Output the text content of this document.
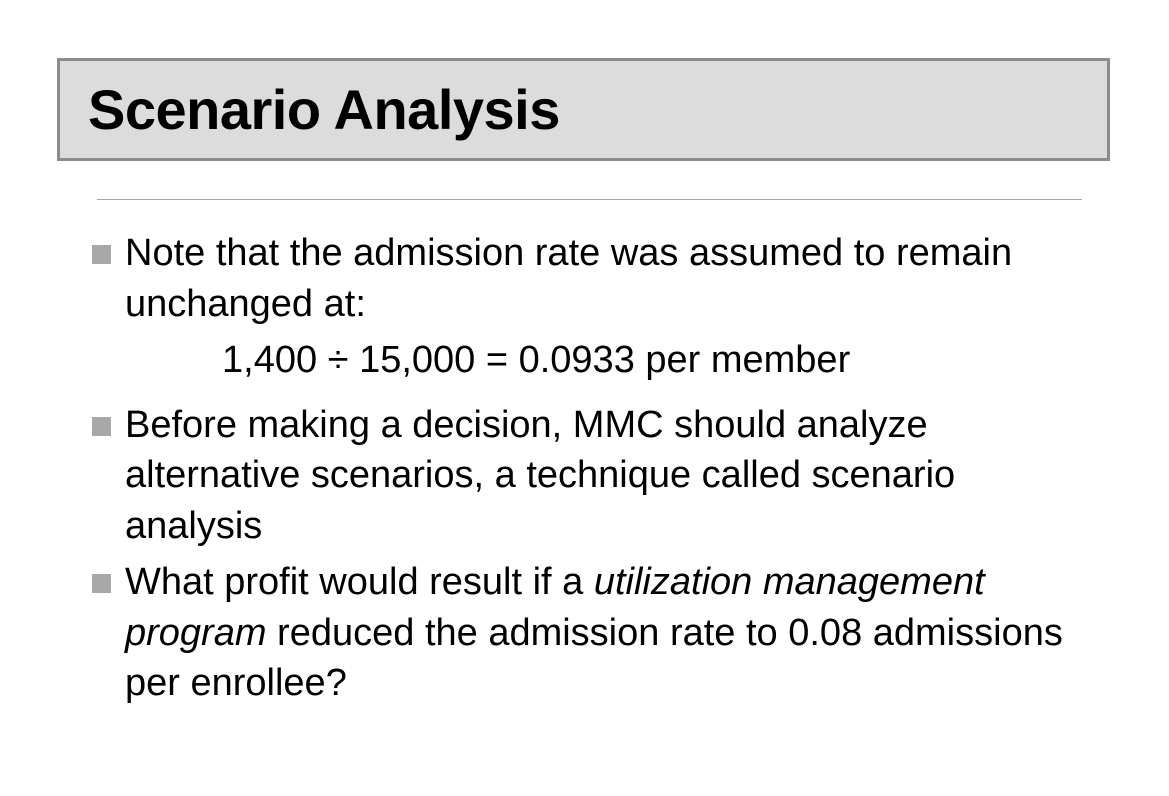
Scenario Analysis
Note that the admission rate was assumed to remain unchanged at:
1,400 ÷ 15,000 = 0.0933 per member
Before making a decision, MMC should analyze alternative scenarios, a technique called scenario analysis
What profit would result if a utilization management program reduced the admission rate to 0.08 admissions per enrollee?
